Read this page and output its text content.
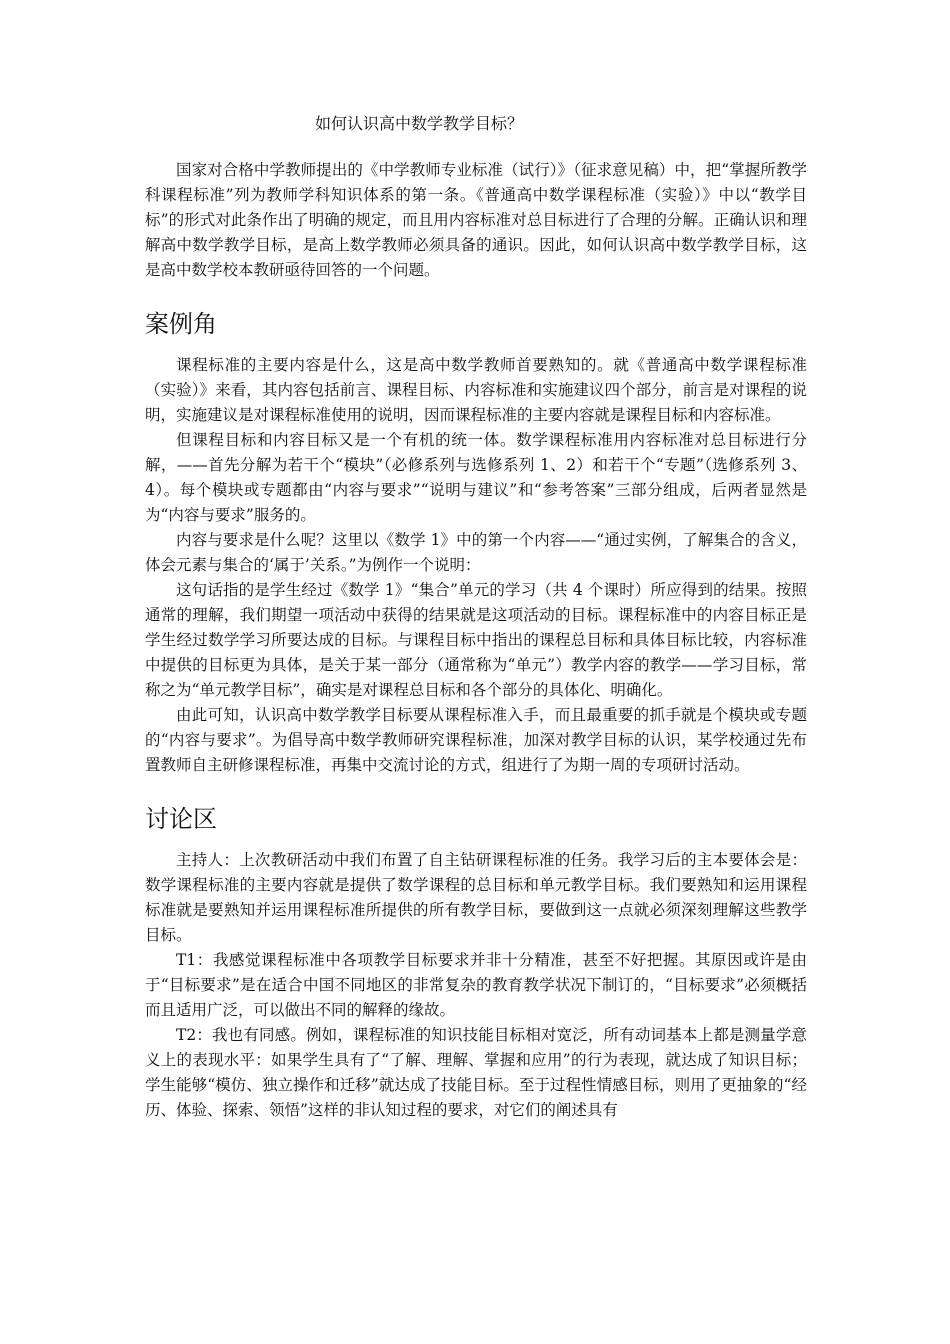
如何认识高中数学教学目标？

国家对合格中学教师提出的《中学教师专业标准（试行）》（征求意见稿）中，把“掌握所教学科课程标准”列为教师学科知识体系的第一条。《普通高中数学课程标准（实验）》中以“教学目标”的形式对此条作出了明确的规定，而且用内容标准对总目标进行了合理的分解。正确认识和理解高中数学教学目标，是高上数学教师必须具备的通识。因此，如何认识高中数学教学目标，这是高中数学校本教研亟待回答的一个问题。

案例角

课程标准的主要内容是什么，这是高中数学教师首要熟知的。就《普通高中数学课程标准（实验）》来看，其内容包括前言、课程目标、内容标准和实施建议四个部分，前言是对课程的说明，实施建议是对课程标准使用的说明，因而课程标准的主要内容就是课程目标和内容标准。

但课程目标和内容目标又是一个有机的统一体。数学课程标准用内容标准对总目标进行分解，——首先分解为若干个“模块”（必修系列与选修系列 1、2）和若干个“专题”（选修系列 3、4）。每个模块或专题都由“内容与要求”“说明与建议”和“参考答案”三部分组成，后两者显然是为“内容与要求”服务的。

内容与要求是什么呢？这里以《数学 1》中的第一个内容——“通过实例，了解集合的含义，体会元素与集合的‘属于’关系。”为例作一个说明：

这句话指的是学生经过《数学 1》“集合”单元的学习（共 4 个课时）所应得到的结果。按照通常的理解，我们期望一项活动中获得的结果就是这项活动的目标。课程标准中的内容目标正是学生经过数学学习所要达成的目标。与课程目标中指出的课程总目标和具体目标比较，内容标准中提供的目标更为具体，是关于某一部分（通常称为“单元”）教学内容的教学——学习目标，常称之为“单元教学目标”，确实是对课程总目标和各个部分的具体化、明确化。

由此可知，认识高中数学教学目标要从课程标准入手，而且最重要的抓手就是个模块或专题的“内容与要求”。为倡导高中数学教师研究课程标准，加深对教学目标的认识，某学校通过先布置教师自主研修课程标准，再集中交流讨论的方式，组进行了为期一周的专项研讨活动。

讨论区

主持人：上次教研活动中我们布置了自主钻研课程标准的任务。我学习后的主本要体会是：数学课程标准的主要内容就是提供了数学课程的总目标和单元教学目标。我们要熟知和运用课程标准就是要熟知并运用课程标准所提供的所有教学目标，要做到这一点就必须深刻理解这些教学目标。

T1：我感觉课程标准中各项教学目标要求并非十分精准，甚至不好把握。其原因或许是由于“目标要求”是在适合中国不同地区的非常复杂的教育教学状况下制订的，“目标要求”必须概括而且适用广泛，可以做出不同的解释的缘故。

T2：我也有同感。例如，课程标准的知识技能目标相对宽泛，所有动词基本上都是测量学意义上的表现水平：如果学生具有了“了解、理解、掌握和应用”的行为表现，就达成了知识目标；学生能够“模仿、独立操作和迁移”就达成了技能目标。至于过程性情感目标，则用了更抽象的“经历、体验、探索、领悟”这样的非认知过程的要求，对它们的阐述具有
